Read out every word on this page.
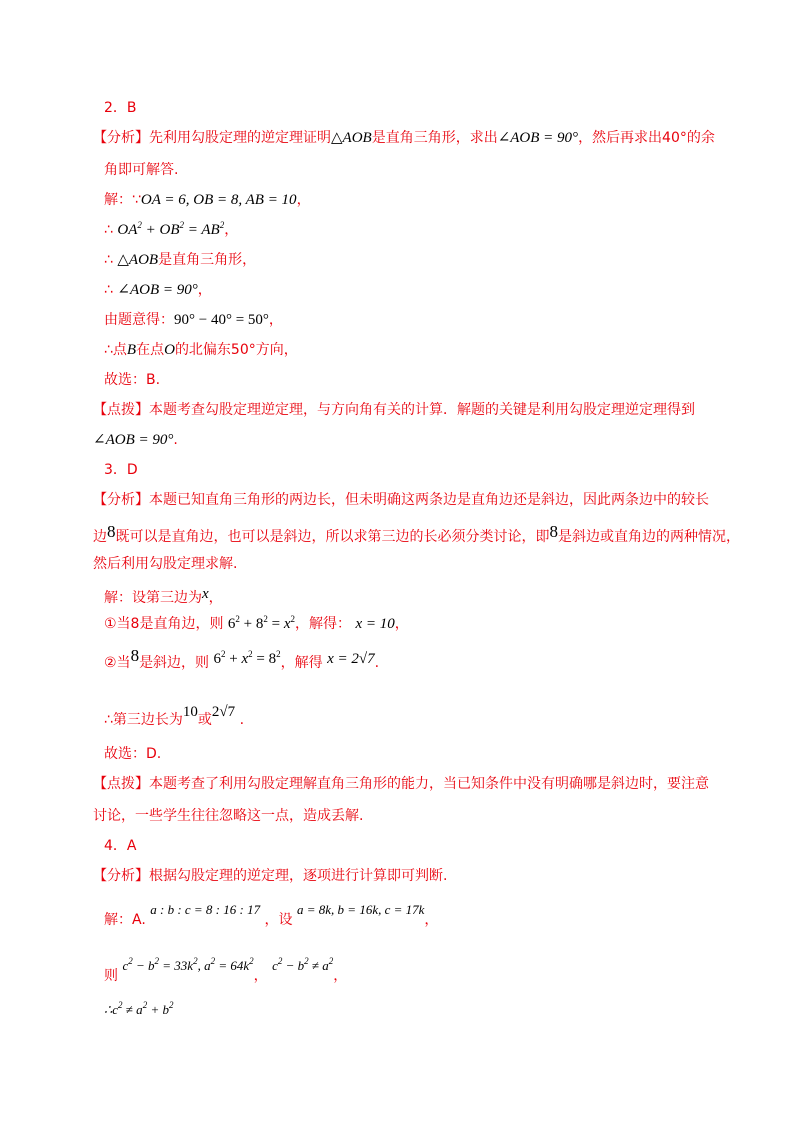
2．B
【分析】先利用勾股定理的逆定理证明△AOB是直角三角形，求出∠AOB = 90°，然后再求出40°的余
角即可解答.
解：∵OA = 6, OB = 8, AB = 10，
∴ $OA^2 + OB^2 = AB^2$，
∴ △AOB是直角三角形，
∴ ∠AOB = 90°，
由题意得：90° − 40° = 50°，
∴点B在点O的北偏东50°方向，
故选：B.
【点拨】本题考查勾股定理逆定理，与方向角有关的计算．解题的关键是利用勾股定理逆定理得到
∠AOB = 90°.
3．D
【分析】本题已知直角三角形的两边长，但未明确这两条边是直角边还是斜边，因此两条边中的较长
边8既可以是直角边，也可以是斜边，所以求第三边的长必须分类讨论，即8是斜边或直角边的两种情况，
然后利用勾股定理求解.
解：设第三边为x，
①当8是直角边，则 $6^2 + 8^2 = x^2$，解得： x = 10，
②当8是斜边，则 $6^2 + x^2 = 8^2$，解得 x = 2√7.
∴第三边长为10或2√7 .
故选：D.
【点拨】本题考查了利用勾股定理解直角三角形的能力，当已知条件中没有明确哪是斜边时，要注意
讨论，一些学生往往忽略这一点，造成丢解.
4．A
【分析】根据勾股定理的逆定理，逐项进行计算即可判断.
解：A. a : b : c = 8 : 16 : 17 ，设 a = 8k, b = 16k, c = 17k，
则 $c^2 - b^2 = 33k^2$, $a^2 = 64k^2$， $c^2 - b^2 \ne a^2$，
$\therefore c^2 \ne a^2 + b^2$
